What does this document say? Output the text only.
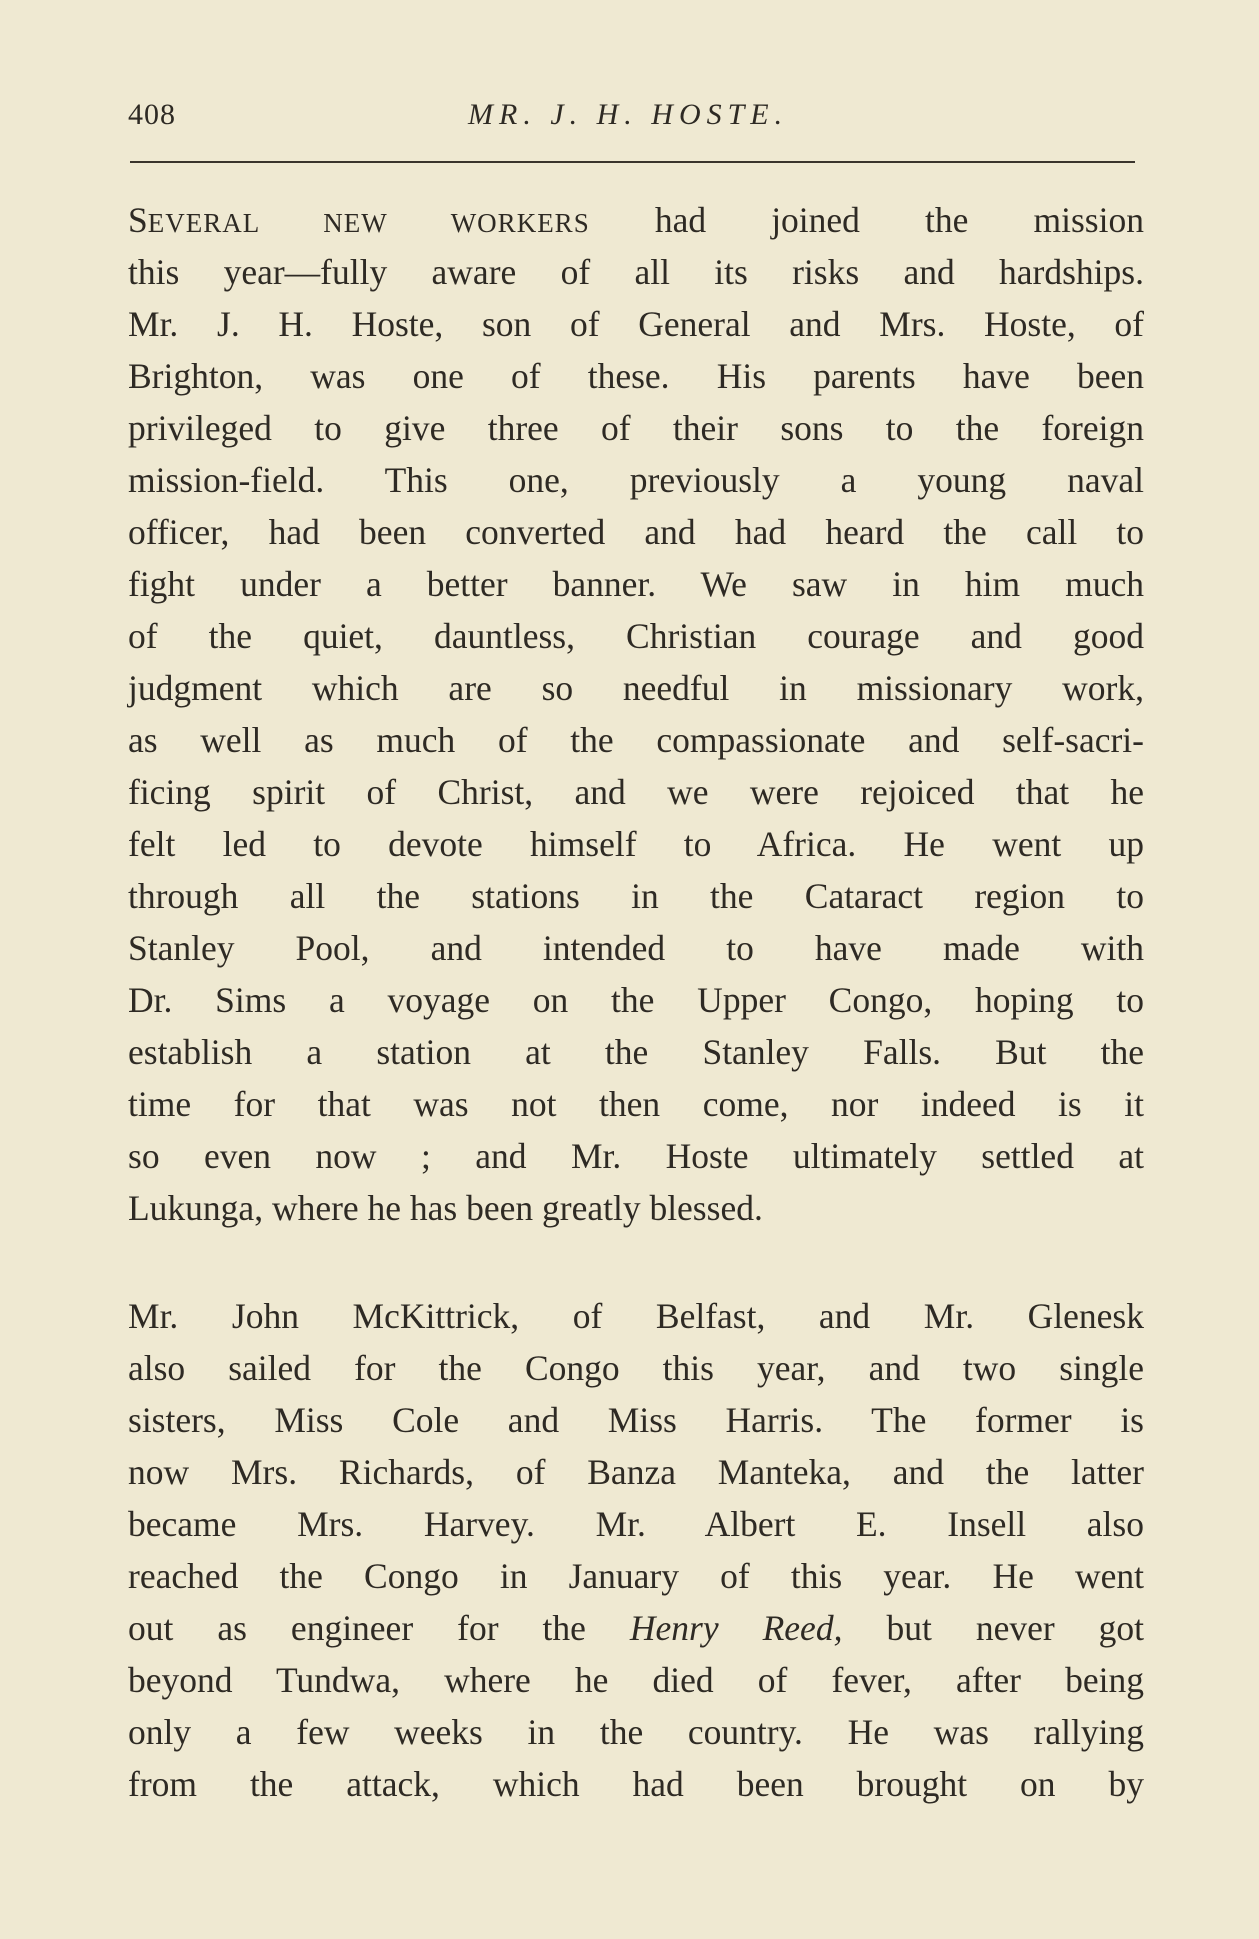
408	MR. J. H. HOSTE.
SEVERAL NEW WORKERS had joined the mission
this year—fully aware of all its risks and hardships.
Mr. J. H. Hoste, son of General and Mrs. Hoste, of
Brighton, was one of these. His parents have been
privileged to give three of their sons to the foreign
mission-field. This one, previously a young naval
officer, had been converted and had heard the call to
fight under a better banner. We saw in him much
of the quiet, dauntless, Christian courage and good
judgment which are so needful in missionary work,
as well as much of the compassionate and self-sacri-
ficing spirit of Christ, and we were rejoiced that he
felt led to devote himself to Africa. He went up
through all the stations in the Cataract region to
Stanley Pool, and intended to have made with
Dr. Sims a voyage on the Upper Congo, hoping to
establish a station at the Stanley Falls. But the
time for that was not then come, nor indeed is it
so even now ; and Mr. Hoste ultimately settled at
Lukunga, where he has been greatly blessed.
Mr. John McKittrick, of Belfast, and Mr. Glenesk
also sailed for the Congo this year, and two single
sisters, Miss Cole and Miss Harris. The former is
now Mrs. Richards, of Banza Manteka, and the latter
became Mrs. Harvey. Mr. Albert E. Insell also
reached the Congo in January of this year. He went
out as engineer for the Henry Reed, but never got
beyond Tundwa, where he died of fever, after being
only a few weeks in the country. He was rallying
from the attack, which had been brought on by
